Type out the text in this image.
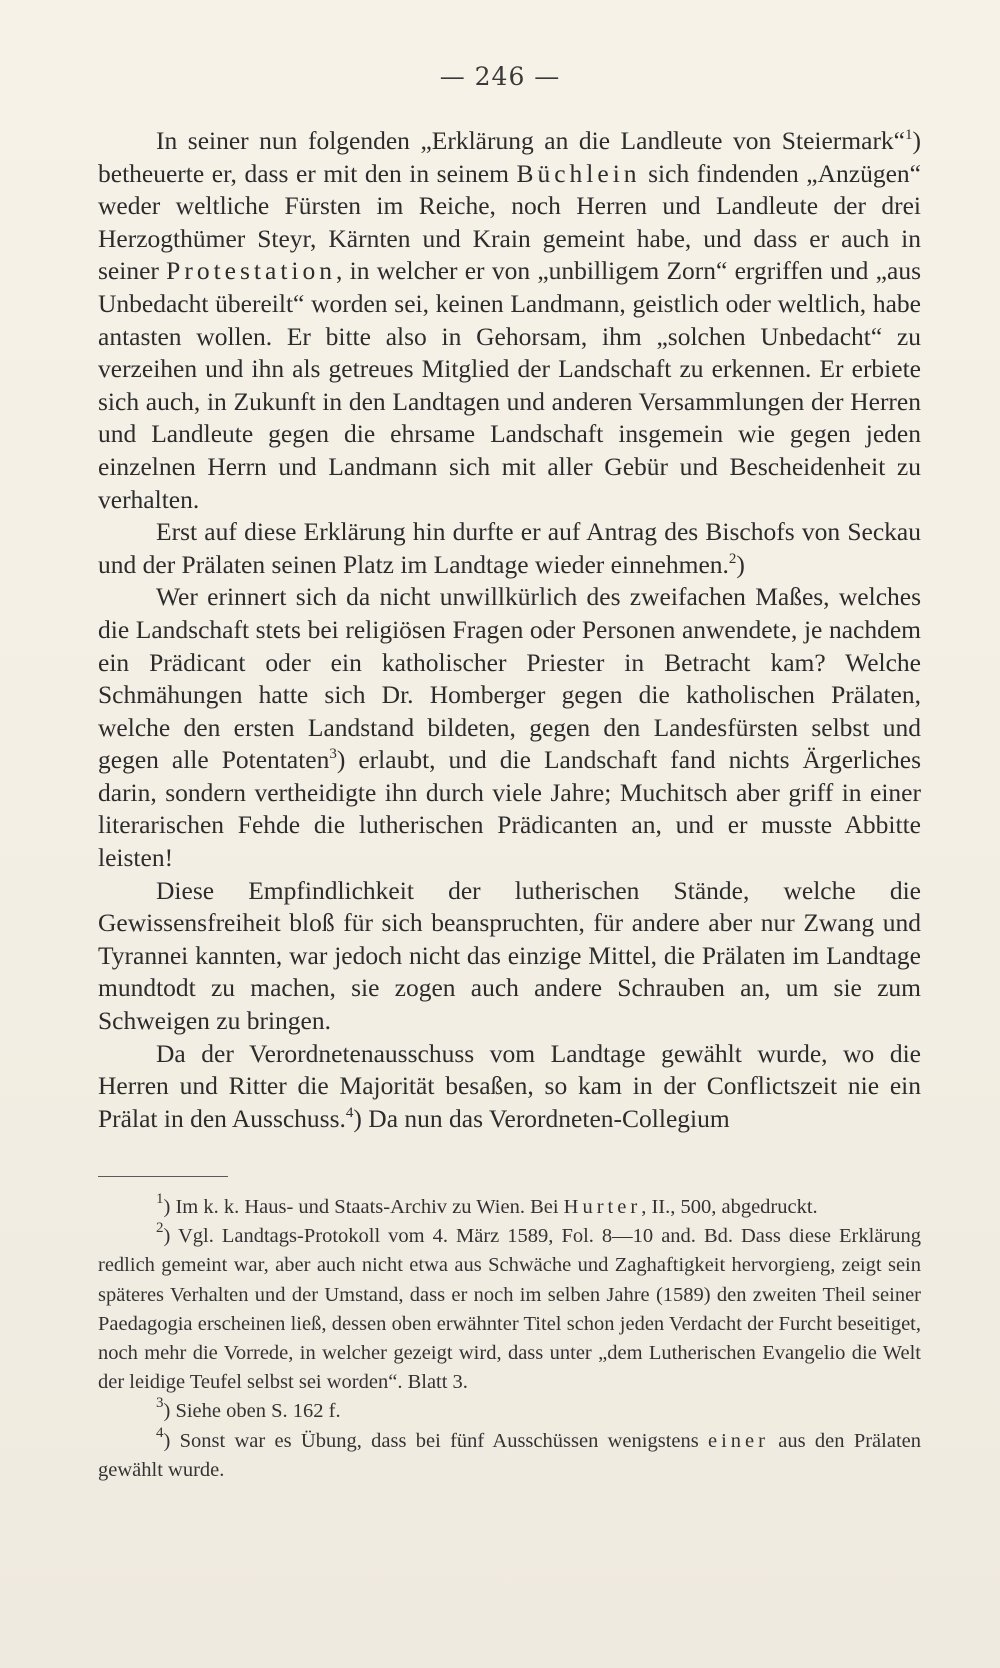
— 246 —

In seiner nun folgenden „Erklärung an die Landleute von Steiermark“$^1$) betheuerte er, dass er mit den in seinem Büchlein sich findenden „Anzügen“ weder weltliche Fürsten im Reiche, noch Herren und Landleute der drei Herzogthümer Steyr, Kärnten und Krain gemeint habe, und dass er auch in seiner Protestation, in welcher er von „unbilligem Zorn“ ergriffen und „aus Unbedacht übereilt“ worden sei, keinen Landmann, geistlich oder weltlich, habe antasten wollen. Er bitte also in Gehorsam, ihm „solchen Unbedacht“ zu verzeihen und ihn als getreues Mitglied der Landschaft zu erkennen. Er erbiete sich auch, in Zukunft in den Landtagen und anderen Versammlungen der Herren und Landleute gegen die ehrsame Landschaft insgemein wie gegen jeden einzelnen Herrn und Landmann sich mit aller Gebür und Bescheidenheit zu verhalten.

Erst auf diese Erklärung hin durfte er auf Antrag des Bischofs von Seckau und der Prälaten seinen Platz im Landtage wieder einnehmen.$^2$)

Wer erinnert sich da nicht unwillkürlich des zweifachen Maßes, welches die Landschaft stets bei religiösen Fragen oder Personen anwendete, je nachdem ein Prädicant oder ein katholischer Priester in Betracht kam? Welche Schmähungen hatte sich Dr. Homberger gegen die katholischen Prälaten, welche den ersten Landstand bildeten, gegen den Landesfürsten selbst und gegen alle Potentaten$^3$) erlaubt, und die Landschaft fand nichts Ärgerliches darin, sondern vertheidigte ihn durch viele Jahre; Muchitsch aber griff in einer literarischen Fehde die lutherischen Prädicanten an, und er musste Abbitte leisten!

Diese Empfindlichkeit der lutherischen Stände, welche die Gewissensfreiheit bloß für sich beanspruchten, für andere aber nur Zwang und Tyrannei kannten, war jedoch nicht das einzige Mittel, die Prälaten im Landtage mundtodt zu machen, sie zogen auch andere Schrauben an, um sie zum Schweigen zu bringen.

Da der Verordnetenausschuss vom Landtage gewählt wurde, wo die Herren und Ritter die Majorität besaßen, so kam in der Conflictszeit nie ein Prälat in den Ausschuss.$^4$) Da nun das Verordneten-Collegium

$^1$) Im k. k. Haus- und Staats-Archiv zu Wien. Bei Hurter, II., 500, abgedruckt.

$^2$) Vgl. Landtags-Protokoll vom 4. März 1589, Fol. 8—10 and. Bd. Dass diese Erklärung redlich gemeint war, aber auch nicht etwa aus Schwäche und Zaghaftigkeit hervorgieng, zeigt sein späteres Verhalten und der Umstand, dass er noch im selben Jahre (1589) den zweiten Theil seiner Paedagogia erscheinen ließ, dessen oben erwähnter Titel schon jeden Verdacht der Furcht beseitiget, noch mehr die Vorrede, in welcher gezeigt wird, dass unter „dem Lutherischen Evangelio die Welt der leidige Teufel selbst sei worden“. Blatt 3.

$^3$) Siehe oben S. 162 f.

$^4$) Sonst war es Übung, dass bei fünf Ausschüssen wenigstens einer aus den Prälaten gewählt wurde.
